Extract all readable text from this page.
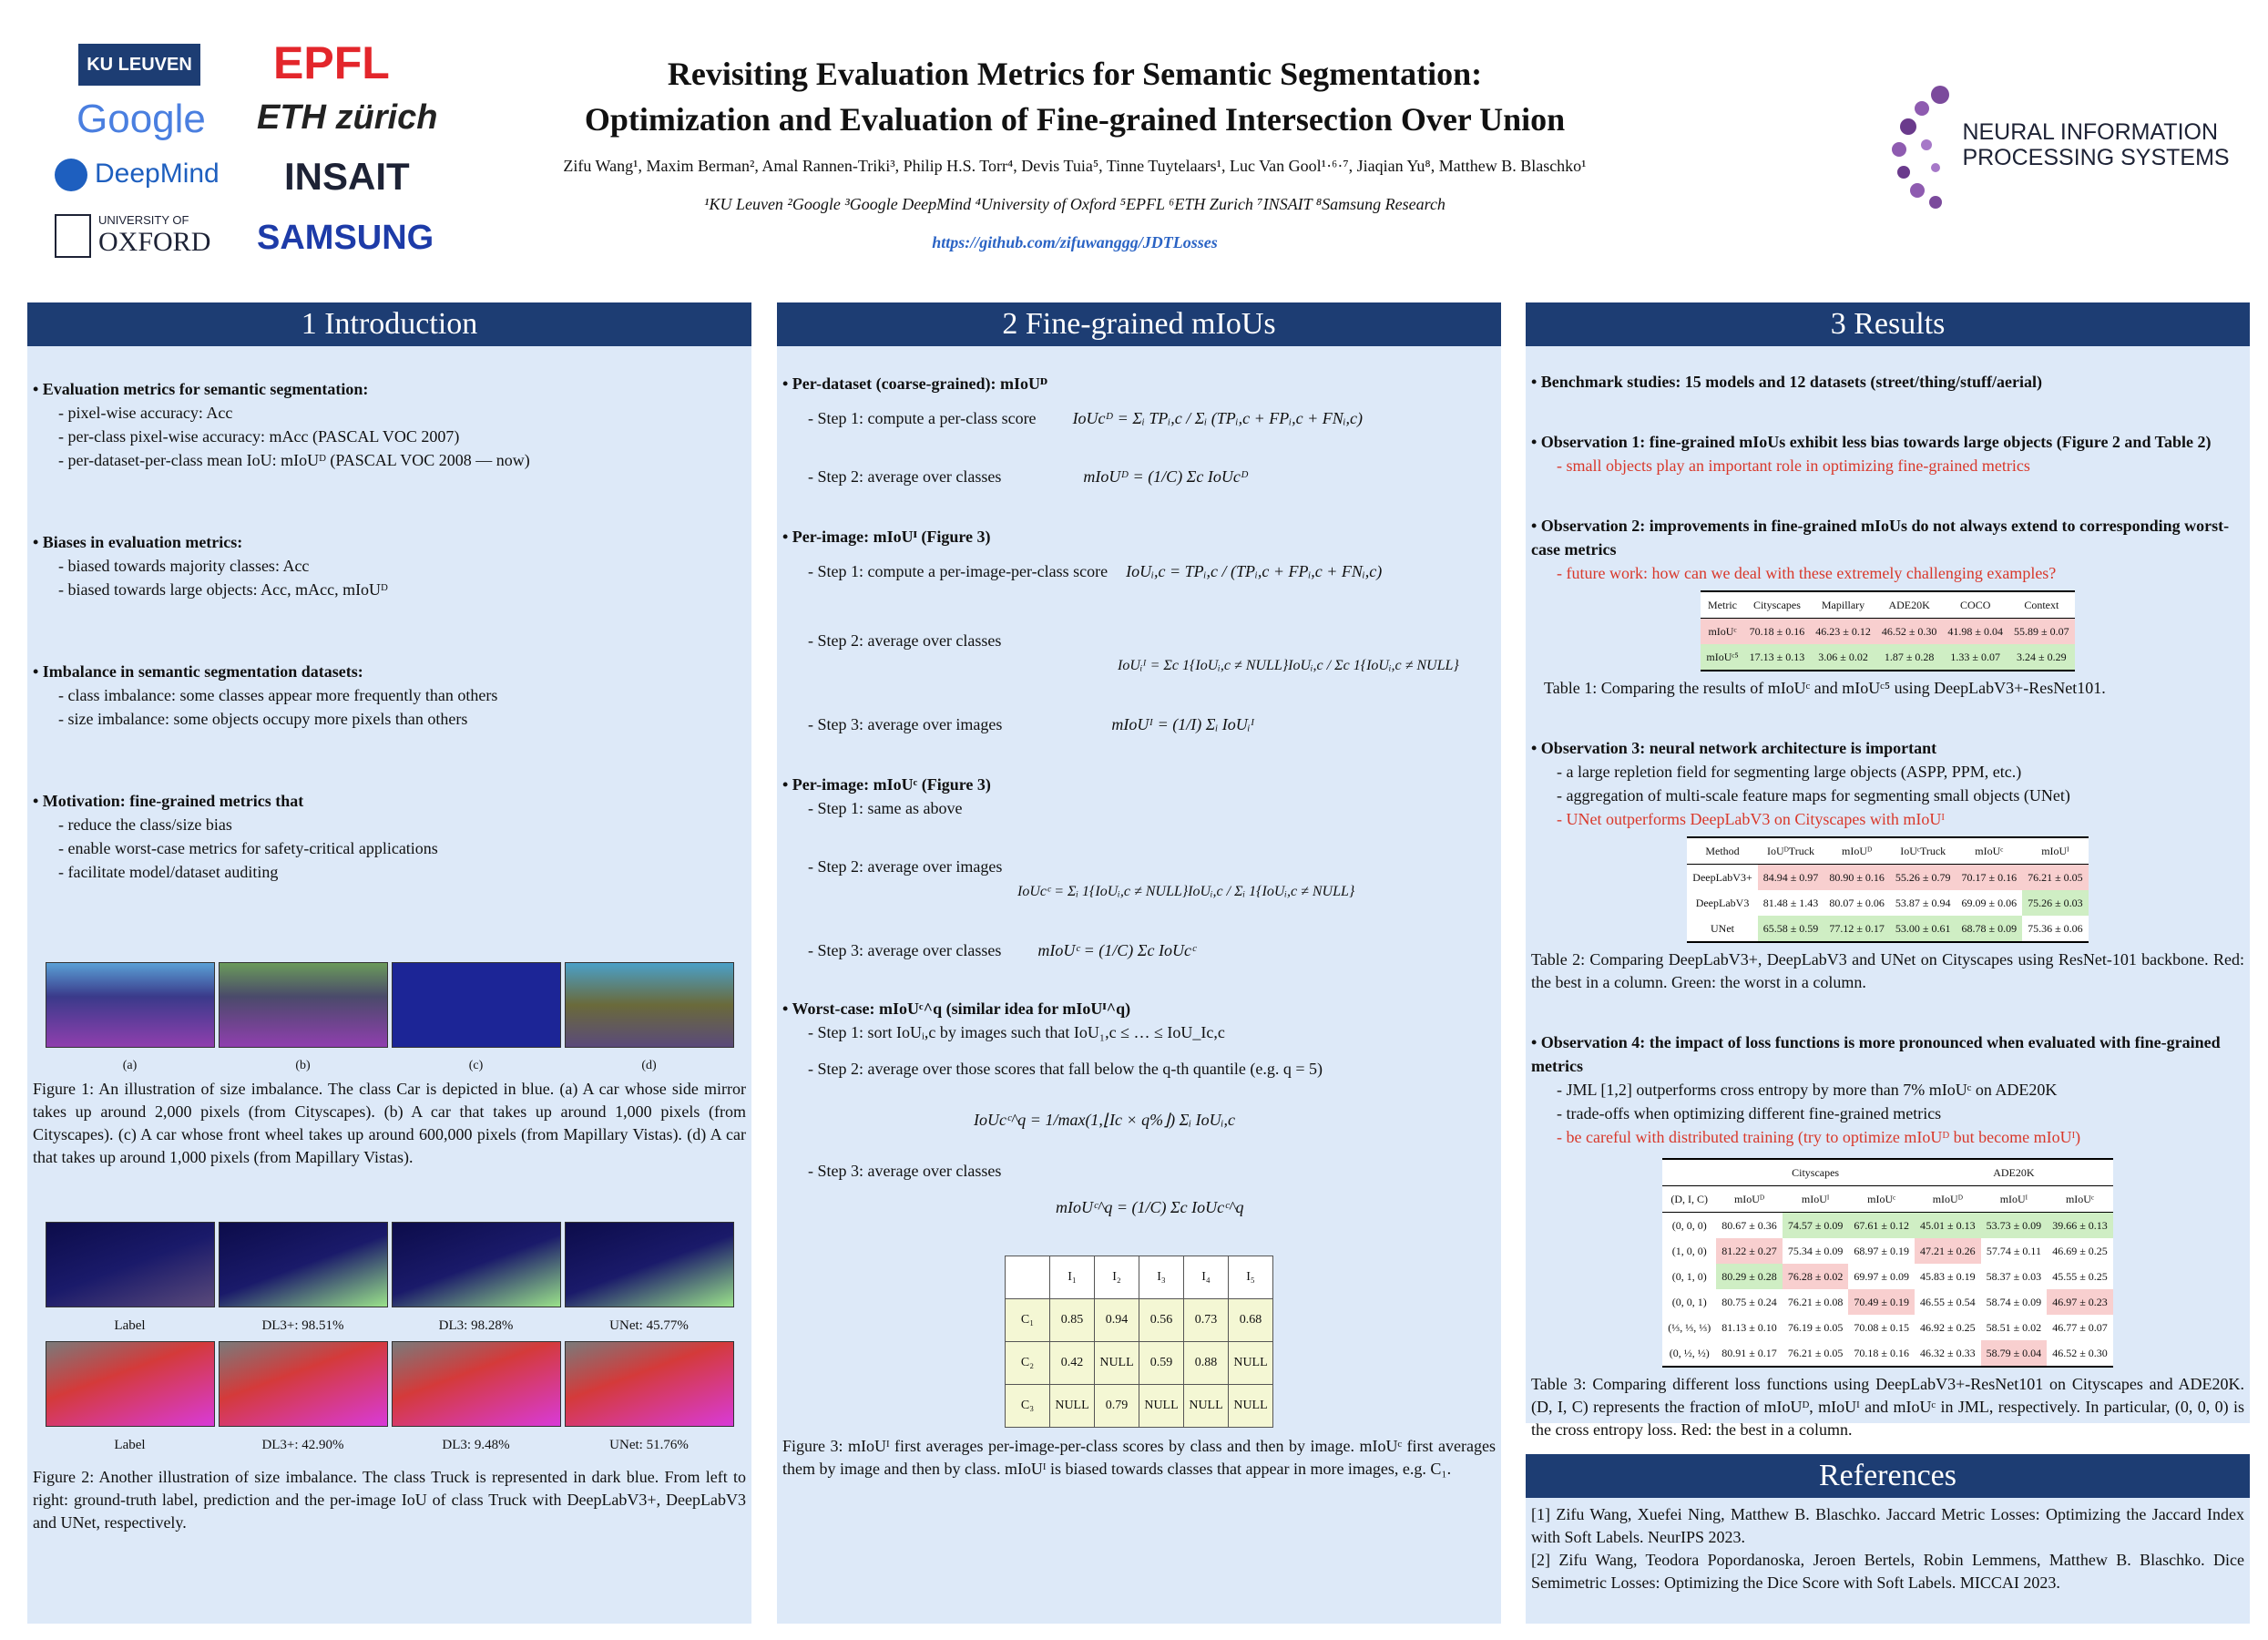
KU LEUVEN EPFL
Google ETH zürich
DeepMind INSAIT
UNIVERSITY OF
OXFORD SAMSUNG
Revisiting Evaluation Metrics for Semantic Segmentation:
Optimization and Evaluation of Fine-grained Intersection Over Union
Zifu Wang¹, Maxim Berman², Amal Rannen-Triki³, Philip H.S. Torr⁴, Devis Tuia⁵, Tinne Tuytelaars¹, Luc Van Gool¹·⁶·⁷, Jiaqian Yu⁸, Matthew B. Blaschko¹
¹KU Leuven ²Google ³Google DeepMind ⁴University of Oxford ⁵EPFL ⁶ETH Zurich ⁷INSAIT ⁸Samsung Research
https://github.com/zifuwanggg/JDTLosses
NEURAL INFORMATION
PROCESSING SYSTEMS
1 Introduction
• Evaluation metrics for semantic segmentation:
- pixel-wise accuracy: Acc
- per-class pixel-wise accuracy: mAcc (PASCAL VOC 2007)
- per-dataset-per-class mean IoU: mIoUᴰ (PASCAL VOC 2008 — now)
• Biases in evaluation metrics:
- biased towards majority classes: Acc
- biased towards large objects: Acc, mAcc, mIoUᴰ
• Imbalance in semantic segmentation datasets:
- class imbalance: some classes appear more frequently than others
- size imbalance: some objects occupy more pixels than others
• Motivation: fine-grained metrics that
- reduce the class/size bias
- enable worst-case metrics for safety-critical applications
- facilitate model/dataset auditing
(a)	(b)	(c)	(d)
Figure 1: An illustration of size imbalance. The class Car is depicted in blue. (a) A car whose side mirror takes up around 2,000 pixels (from Cityscapes). (b) A car that takes up around 1,000 pixels (from Cityscapes). (c) A car whose front wheel takes up around 600,000 pixels (from Mapillary Vistas). (d) A car that takes up around 1,000 pixels (from Mapillary Vistas).
Label	DL3+: 98.51%	DL3: 98.28%	UNet: 45.77%
Label	DL3+: 42.90%	DL3: 9.48%	UNet: 51.76%
Figure 2: Another illustration of size imbalance. The class Truck is represented in dark blue. From left to right: ground-truth label, prediction and the per-image IoU of class Truck with DeepLabV3+, DeepLabV3 and UNet, respectively.
2 Fine-grained mIoUs
• Per-dataset (coarse-grained): mIoUᴰ
- Step 1: compute a per-class score IoUcᴰ = Σᵢ TPᵢ,c / Σᵢ (TPᵢ,c + FPᵢ,c + FNᵢ,c)
- Step 2: average over classes	mIoUᴰ = (1/C) Σc IoUcᴰ
• Per-image: mIoUᴵ (Figure 3)
- Step 1: compute a per-image-per-class score IoUᵢ,c = TPᵢ,c / (TPᵢ,c + FPᵢ,c + FNᵢ,c)
- Step 2: average over classes
IoUᵢᴵ = Σc 1{IoUᵢ,c ≠ NULL}IoUᵢ,c / Σc 1{IoUᵢ,c ≠ NULL}
- Step 3: average over images	mIoUᴵ = (1/I) Σᵢ IoUᵢᴵ
• Per-image: mIoUᶜ (Figure 3)
- Step 1: same as above
- Step 2: average over images
IoUcᶜ = Σᵢ 1{IoUᵢ,c ≠ NULL}IoUᵢ,c / Σᵢ 1{IoUᵢ,c ≠ NULL}
- Step 3: average over classes mIoUᶜ = (1/C) Σc IoUcᶜ
• Worst-case: mIoUᶜ^q (similar idea for mIoUᴵ^q)
- Step 1: sort IoUᵢ,c by images such that IoU₁,c ≤ … ≤ IoU_Ic,c
- Step 2: average over those scores that fall below the q-th quantile (e.g. q = 5)
IoUcᶜ^q = 1/max(1,⌊Ic × q%⌋) Σᵢ IoUᵢ,c
- Step 3: average over classes
mIoUᶜ^q = (1/C) Σc IoUcᶜ^q
	I₁	I₂	I₃	I₄	I₅
C₁	0.85	0.94	0.56	0.73	0.68
C₂	0.42	NULL	0.59	0.88	NULL
C₃	NULL	0.79	NULL	NULL	NULL
Figure 3: mIoUᴵ first averages per-image-per-class scores by class and then by image. mIoUᶜ first averages them by image and then by class. mIoUᴵ is biased towards classes that appear in more images, e.g. C₁.
3 Results
• Benchmark studies: 15 models and 12 datasets (street/thing/stuff/aerial)
• Observation 1: fine-grained mIoUs exhibit less bias towards large objects (Figure 2 and Table 2)
- small objects play an important role in optimizing fine-grained metrics
• Observation 2: improvements in fine-grained mIoUs do not always extend to corresponding worst-case metrics
- future work: how can we deal with these extremely challenging examples?
Metric	Cityscapes	Mapillary	ADE20K	COCO	Context
mIoUᶜ	70.18 ± 0.16	46.23 ± 0.12	46.52 ± 0.30	41.98 ± 0.04	55.89 ± 0.07
mIoUᶜ⁵	17.13 ± 0.13	3.06 ± 0.02	1.87 ± 0.28	1.33 ± 0.07	3.24 ± 0.29
Table 1: Comparing the results of mIoUᶜ and mIoUᶜ⁵ using DeepLabV3+-ResNet101.
• Observation 3: neural network architecture is important
- a large repletion field for segmenting large objects (ASPP, PPM, etc.)
- aggregation of multi-scale feature maps for segmenting small objects (UNet)
- UNet outperforms DeepLabV3 on Cityscapes with mIoUᴵ
Method	IoUᴰTruck	mIoUᴰ	IoUᶜTruck	mIoUᶜ	mIoUᴵ
DeepLabV3+	84.94 ± 0.97	80.90 ± 0.16	55.26 ± 0.79	70.17 ± 0.16	76.21 ± 0.05
DeepLabV3	81.48 ± 1.43	80.07 ± 0.06	53.87 ± 0.94	69.09 ± 0.06	75.26 ± 0.03
UNet	65.58 ± 0.59	77.12 ± 0.17	53.00 ± 0.61	68.78 ± 0.09	75.36 ± 0.06
Table 2: Comparing DeepLabV3+, DeepLabV3 and UNet on Cityscapes using ResNet-101 backbone. Red: the best in a column. Green: the worst in a column.
• Observation 4: the impact of loss functions is more pronounced when evaluated with fine-grained metrics
- JML [1,2] outperforms cross entropy by more than 7% mIoUᶜ on ADE20K
- trade-offs when optimizing different fine-grained metrics
- be careful with distributed training (try to optimize mIoUᴰ but become mIoUᴵ)
	Cityscapes			ADE20K		
(D, I, C)	mIoUᴰ	mIoUᴵ	mIoUᶜ	mIoUᴰ	mIoUᴵ	mIoUᶜ
(0, 0, 0)	80.67 ± 0.36	74.57 ± 0.09	67.61 ± 0.12	45.01 ± 0.13	53.73 ± 0.09	39.66 ± 0.13
(1, 0, 0)	81.22 ± 0.27	75.34 ± 0.09	68.97 ± 0.19	47.21 ± 0.26	57.74 ± 0.11	46.69 ± 0.25
(0, 1, 0)	80.29 ± 0.28	76.28 ± 0.02	69.97 ± 0.09	45.83 ± 0.19	58.37 ± 0.03	45.55 ± 0.25
(0, 0, 1)	80.75 ± 0.24	76.21 ± 0.08	70.49 ± 0.19	46.55 ± 0.54	58.74 ± 0.09	46.97 ± 0.23
(⅓, ⅓, ⅓)	81.13 ± 0.10	76.19 ± 0.05	70.08 ± 0.15	46.92 ± 0.25	58.51 ± 0.02	46.77 ± 0.07
(0, ½, ½)	80.91 ± 0.17	76.21 ± 0.05	70.18 ± 0.16	46.32 ± 0.33	58.79 ± 0.04	46.52 ± 0.30
Table 3: Comparing different loss functions using DeepLabV3+-ResNet101 on Cityscapes and ADE20K. (D, I, C) represents the fraction of mIoUᴰ, mIoUᴵ and mIoUᶜ in JML, respectively. In particular, (0, 0, 0) is the cross entropy loss. Red: the best in a column.
References
[1] Zifu Wang, Xuefei Ning, Matthew B. Blaschko. Jaccard Metric Losses: Optimizing the Jaccard Index with Soft Labels. NeurIPS 2023.
[2] Zifu Wang, Teodora Popordanoska, Jeroen Bertels, Robin Lemmens, Matthew B. Blaschko. Dice Semimetric Losses: Optimizing the Dice Score with Soft Labels. MICCAI 2023.
